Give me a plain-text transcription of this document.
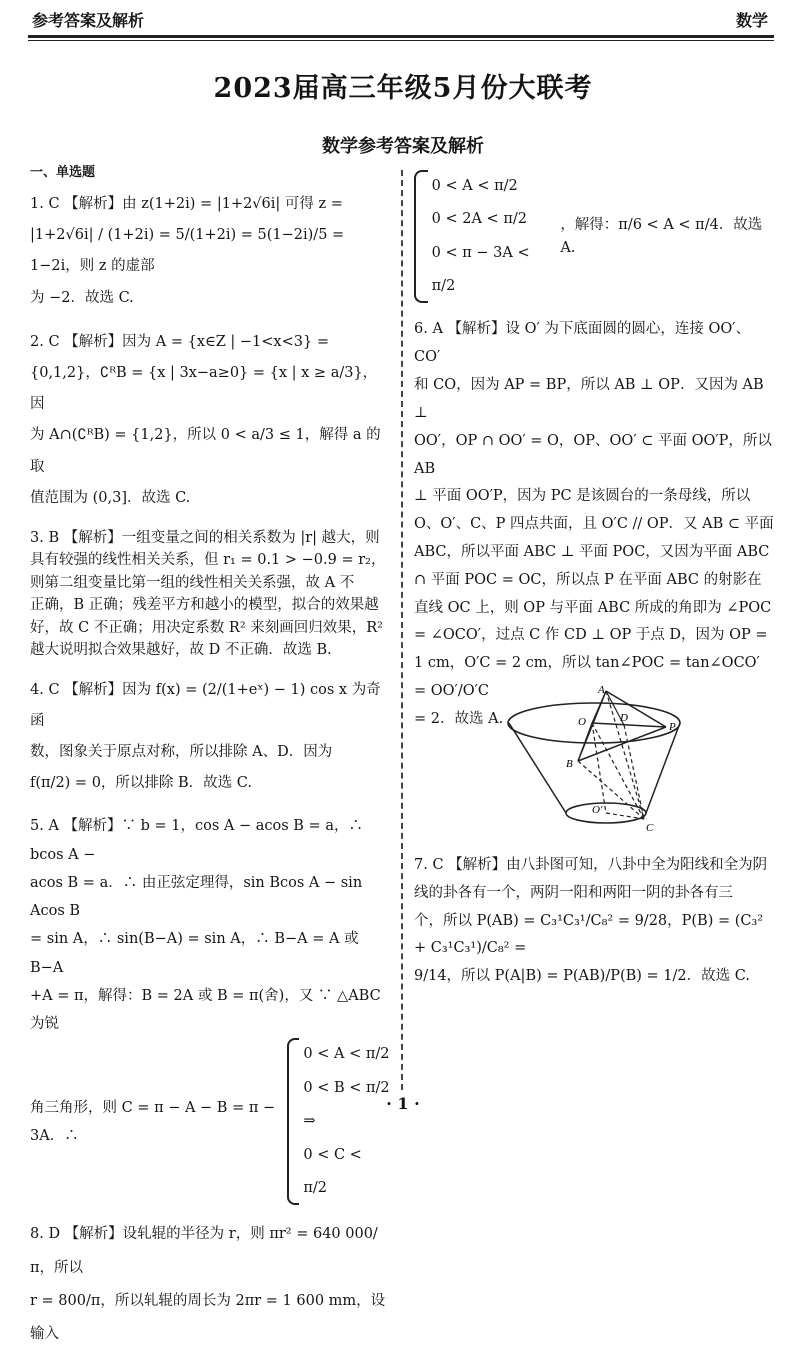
参考答案及解析	数学
2023届高三年级5月份大联考
数学参考答案及解析
一、单选题
1. C 【解析】由 z(1+2i) = |1+2√6i| 可得 z =
|1+2√6i| / (1+2i) = 5/(1+2i) = 5(1−2i)/5 = 1−2i，则 z 的虚部
为 −2．故选 C.
2. C 【解析】因为 A = {x∈Z | −1<x<3} =
{0,1,2}，∁ᴿB = {x | 3x−a≥0} = {x | x ≥ a/3}，因
为 A∩(∁ᴿB) = {1,2}，所以 0 < a/3 ≤ 1，解得 a 的取
值范围为 (0,3]．故选 C.
3. B 【解析】一组变量之间的相关系数为 |r| 越大，则
具有较强的线性相关关系，但 r₁ = 0.1 > −0.9 = r₂，
则第二组变量比第一组的线性相关关系强，故 A 不
正确，B 正确；残差平方和越小的模型，拟合的效果越
好，故 C 不正确；用决定系数 R² 来刻画回归效果，R²
越大说明拟合效果越好，故 D 不正确．故选 B.
4. C 【解析】因为 f(x) = (2/(1+eˣ) − 1) cos x 为奇函
数，图象关于原点对称，所以排除 A、D．因为
f(π/2) = 0，所以排除 B．故选 C.
5. A 【解析】∵ b = 1，cos A − acos B = a，∴ bcos A −
acos B = a．∴ 由正弦定理得，sin Bcos A − sin Acos B
= sin A，∴ sin(B−A) = sin A，∴ B−A = A 或 B−A
+A = π，解得：B = 2A 或 B = π(舍)，又 ∵ △ABC 为锐
角三角形，则 C = π − A − B = π − 3A．∴
0 < A < π/2
0 < B < π/2 ⇒
0 < C < π/2
8. D 【解析】设轧辊的半径为 r，则 πr² = 640 000/π，所以
r = 800/π，所以轧辊的周长为 2πr = 1 600 mm，设输入
0 < A < π/2
0 < 2A < π/2
0 < π − 3A < π/2
，解得：π/6 < A < π/4．故选 A.
6. A 【解析】设 O′ 为下底面圆的圆心，连接 OO′、CO′
和 CO，因为 AP = BP，所以 AB ⊥ OP．又因为 AB ⊥
OO′，OP ∩ OO′ = O，OP、OO′ ⊂ 平面 OO′P，所以 AB
⊥ 平面 OO′P，因为 PC 是该圆台的一条母线，所以
O、O′、C、P 四点共面，且 O′C // OP．又 AB ⊂ 平面
ABC，所以平面 ABC ⊥ 平面 POC，又因为平面 ABC
∩ 平面 POC = OC，所以点 P 在平面 ABC 的射影在
直线 OC 上，则 OP 与平面 ABC 所成的角即为 ∠POC
= ∠OCO′，过点 C 作 CD ⊥ OP 于点 D，因为 OP =
1 cm，O′C = 2 cm，所以 tan∠POC = tan∠OCO′ = OO′/O′C
= 2．故选 A.
A
O	D
P
B
O′
C
7. C 【解析】由八卦图可知，八卦中全为阳线和全为阴
线的卦各有一个，两阴一阳和两阳一阴的卦各有三
个，所以 P(AB) = C₃¹C₃¹/C₈² = 9/28，P(B) = (C₃² + C₃¹C₃¹)/C₈² =
9/14，所以 P(A|B) = P(AB)/P(B) = 1/2．故选 C.
· 1 ·
